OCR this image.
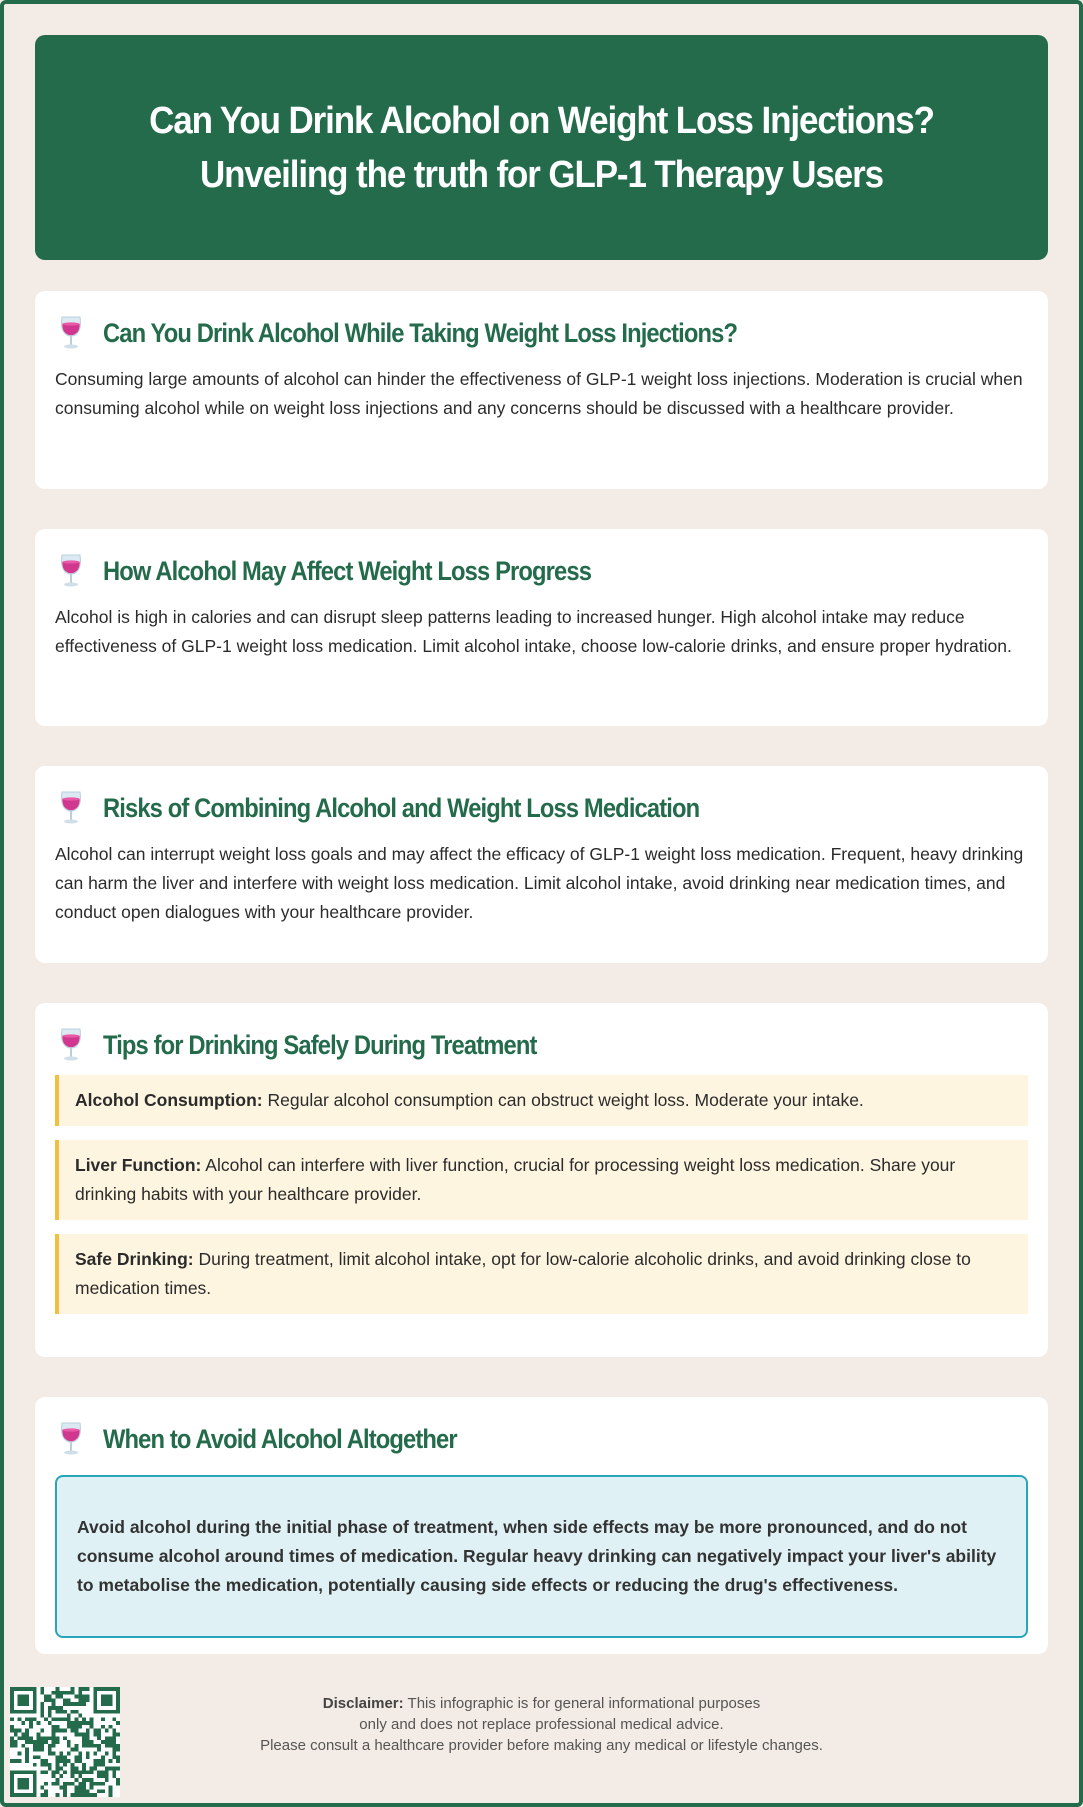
Can You Drink Alcohol on Weight Loss Injections? Unveiling the truth for GLP-1 Therapy Users
Can You Drink Alcohol While Taking Weight Loss Injections?

Consuming large amounts of alcohol can hinder the effectiveness of GLP-1 weight loss injections. Moderation is crucial when consuming alcohol while on weight loss injections and any concerns should be discussed with a healthcare provider.

How Alcohol May Affect Weight Loss Progress

Alcohol is high in calories and can disrupt sleep patterns leading to increased hunger. High alcohol intake may reduce effectiveness of GLP-1 weight loss medication. Limit alcohol intake, choose low-calorie drinks, and ensure proper hydration.

Risks of Combining Alcohol and Weight Loss Medication

Alcohol can interrupt weight loss goals and may affect the efficacy of GLP-1 weight loss medication. Frequent, heavy drinking can harm the liver and interfere with weight loss medication. Limit alcohol intake, avoid drinking near medication times, and conduct open dialogues with your healthcare provider.

Tips for Drinking Safely During Treatment
Alcohol Consumption: Regular alcohol consumption can obstruct weight loss. Moderate your intake.
Liver Function: Alcohol can interfere with liver function, crucial for processing weight loss medication. Share your drinking habits with your healthcare provider.
Safe Drinking: During treatment, limit alcohol intake, opt for low-calorie alcoholic drinks, and avoid drinking close to medication times.
When to Avoid Alcohol Altogether
Avoid alcohol during the initial phase of treatment, when side effects may be more pronounced, and do not consume alcohol around times of medication. Regular heavy drinking can negatively impact your liver's ability to metabolise the medication, potentially causing side effects or reducing the drug's effectiveness.
Disclaimer: This infographic is for general informational purposes
only and does not replace professional medical advice.
Please consult a healthcare provider before making any medical or lifestyle changes.
